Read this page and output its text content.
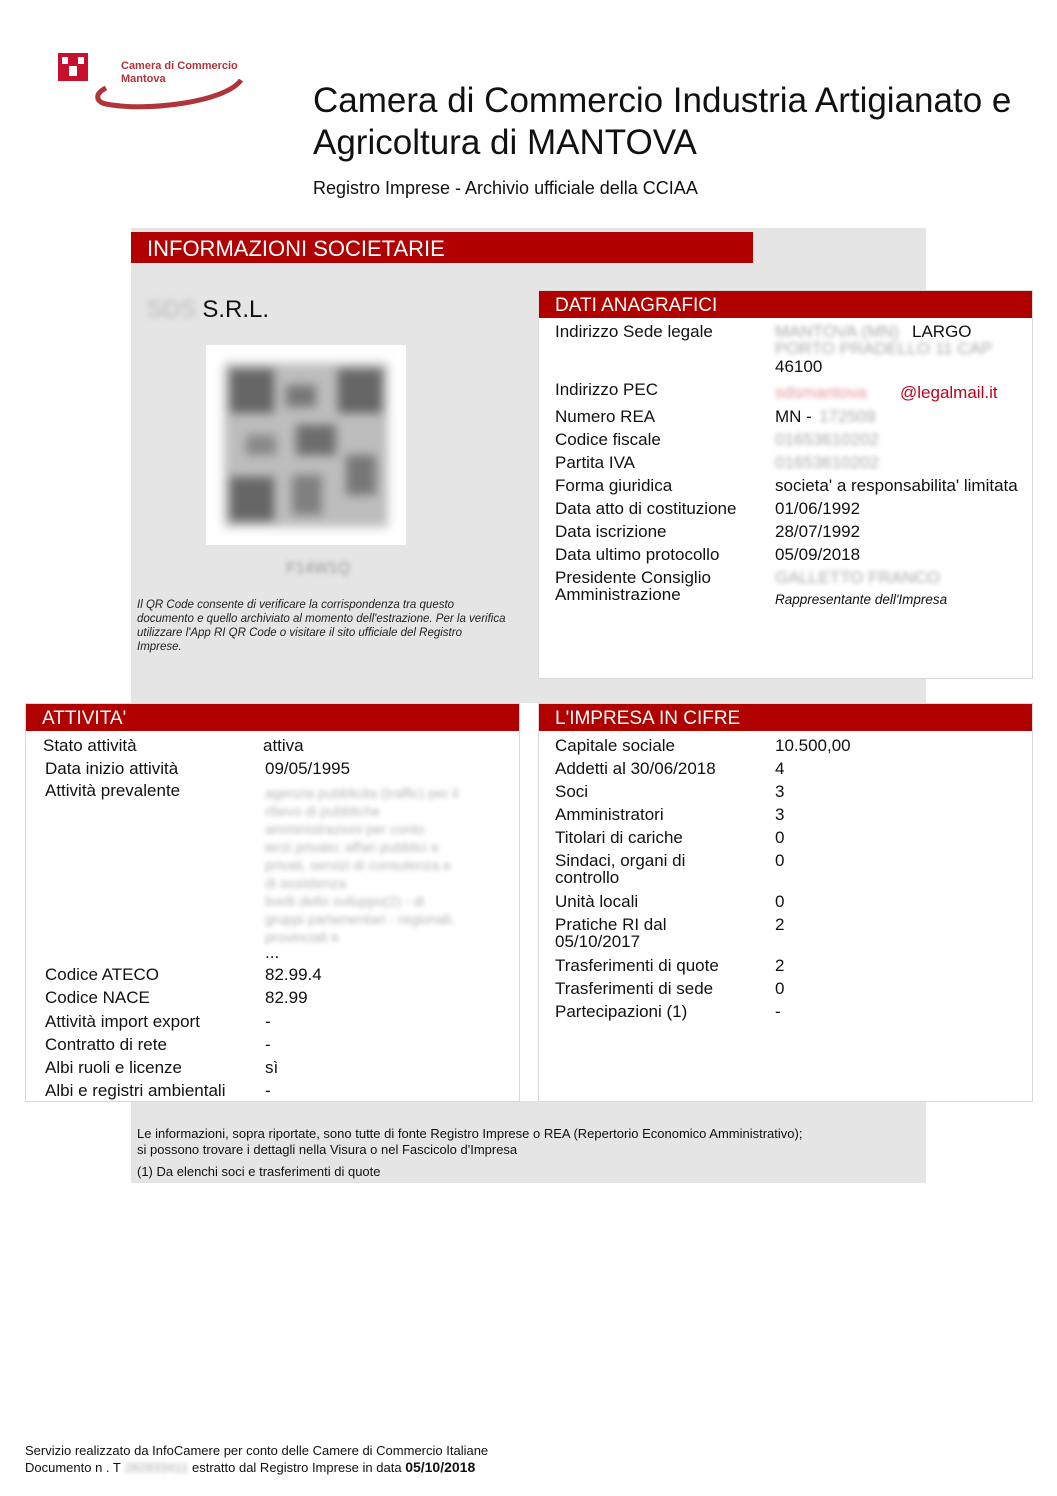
Camera di Commercio
Mantova
Camera di Commercio Industria Artigianato e
Agricoltura di MANTOVA
Registro Imprese - Archivio ufficiale della CCIAA
INFORMAZIONI SOCIETARIE
SDS S.R.L.
F14W1Q
Il QR Code consente di verificare la corrispondenza tra questo documento e quello archiviato al momento dell'estrazione. Per la verifica utilizzare l'App RI QR Code o visitare il sito ufficiale del Registro Imprese.
DATI ANAGRAFICI
Indirizzo Sede legale	MANTOVA (MN) LARGO
PORTO PRADELLO 11 CAP
46100
Indirizzo PEC	sdsmantova @legalmail.it
Numero REA	MN - 172509
Codice fiscale	01653610202
Partita IVA	01653610202
Forma giuridica	societa' a responsabilita' limitata
Data atto di costituzione 01/06/1992
Data iscrizione	28/07/1992
Data ultimo protocollo	05/09/2018
Presidente Consiglio
Amministrazione
GALLETTO FRANCO
Rappresentante dell'Impresa
ATTIVITA'
Stato attività	attiva
Data inizio attività	09/05/1995
Attività prevalente	agenzia pubblicita (traffic) per il
rilievo di pubbliche
amministrazioni per conto
terzi privato; affari pubblici e
privati, servizi di consulenza e
di assistenza
livelli dello sviluppo(2) - di
gruppi parlamentari - regionali,
provinciali e
...
Codice ATECO	82.99.4
Codice NACE	82.99
Attività import export	-
Contratto di rete	-
Albi ruoli e licenze	sì
Albi e registri ambientali -
L'IMPRESA IN CIFRE
Capitale sociale	10.500,00
Addetti al 30/06/2018	4
Soci	3
Amministratori	3
Titolari di cariche	0
Sindaci, organi di
controllo
0
Unità locali	0
Pratiche RI dal
05/10/2017
2
Trasferimenti di quote	2
Trasferimenti di sede	0
Partecipazioni (1)	-
Le informazioni, sopra riportate, sono tutte di fonte Registro Imprese o REA (Repertorio Economico Amministrativo);
si possono trovare i dettagli nella Visura o nel Fascicolo d'Impresa
(1) Da elenchi soci e trasferimenti di quote
Servizio realizzato da InfoCamere per conto delle Camere di Commercio Italiane
Documento n . T 282833411 estratto dal Registro Imprese in data 05/10/2018
